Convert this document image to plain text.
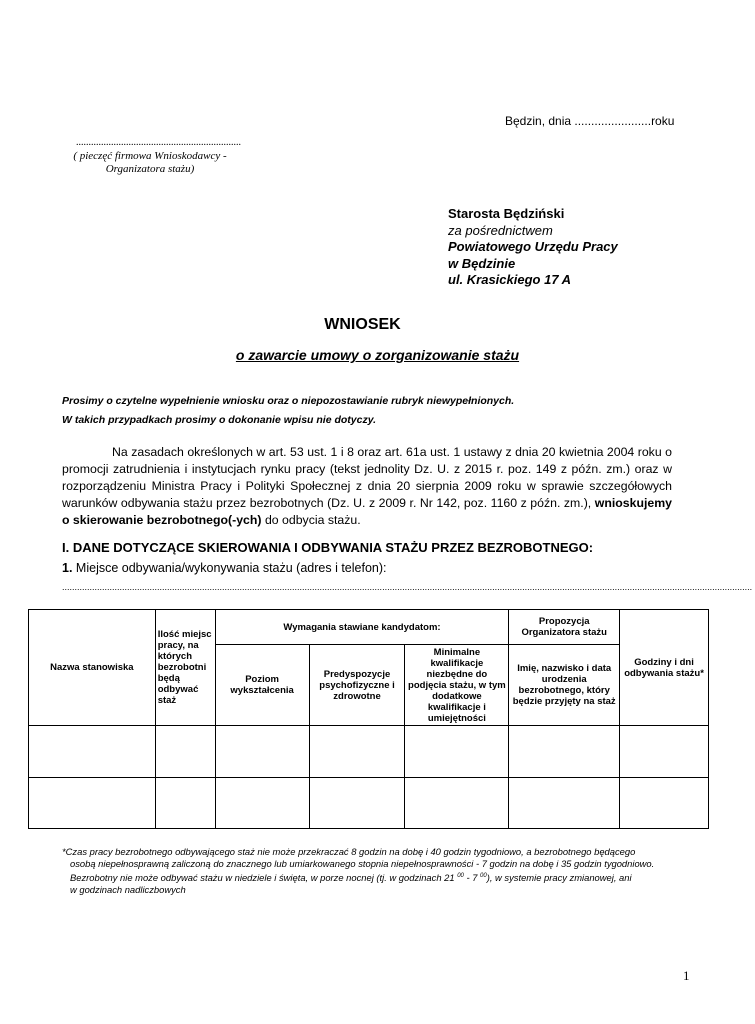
Będzin, dnia .......................roku
..................................................................
( pieczęć firmowa Wnioskodawcy -
Organizatora stażu)
Starosta Będziński
za pośrednictwem
Powiatowego Urzędu Pracy
w Będzinie
ul. Krasickiego 17 A
WNIOSEK
o zawarcie umowy o zorganizowanie stażu
Prosimy o czytelne wypełnienie wniosku oraz o niepozostawianie rubryk niewypełnionych.
W takich przypadkach prosimy o dokonanie wpisu nie dotyczy.
Na zasadach określonych w art. 53 ust. 1 i 8 oraz art. 61a ust. 1 ustawy z dnia 20 kwietnia 2004 roku o promocji zatrudnienia i instytucjach rynku pracy (tekst jednolity Dz. U. z 2015 r. poz. 149 z późn. zm.) oraz w rozporządzeniu Ministra Pracy i Polityki Społecznej z dnia 20 sierpnia 2009 roku w sprawie szczegółowych warunków odbywania stażu przez bezrobotnych (Dz. U. z 2009 r. Nr 142, poz. 1160 z późn. zm.), wnioskujemy o skierowanie bezrobotnego(-ych) do odbycia stażu.
I. DANE DOTYCZĄCE SKIEROWANIA I ODBYWANIA STAŻU PRZEZ BEZROBOTNEGO:
1. Miejsce odbywania/wykonywania stażu (adres i telefon):
....................................................................................................................................................................................................................................................................................
Nazwa stanowiska	Ilość miejsc pracy, na których bezrobotni będą odbywać staż	Wymagania stawiane kandydatom:			Propozycja Organizatora stażu	Godziny i dni odbywania stażu*
		Poziom wykształcenia	Predyspozycje psychofizyczne i zdrowotne	Minimalne kwalifikacje niezbędne do podjęcia stażu, w tym dodatkowe kwalifikacje i umiejętności	Imię, nazwisko i data urodzenia bezrobotnego, który będzie przyjęty na staż	

*Czas pracy bezrobotnego odbywającego staż nie może przekraczać 8 godzin na dobę i 40 godzin tygodniowo, a bezrobotnego będącego
osobą niepełnosprawną zaliczoną do znacznego lub umiarkowanego stopnia niepełnosprawności - 7 godzin na dobę i 35 godzin tygodniowo.
Bezrobotny nie może odbywać stażu w niedziele i święta, w porze nocnej (tj. w godzinach 21 $^{00}$ - 7 $^{00}$), w systemie pracy zmianowej, ani
w godzinach nadliczbowych
1
